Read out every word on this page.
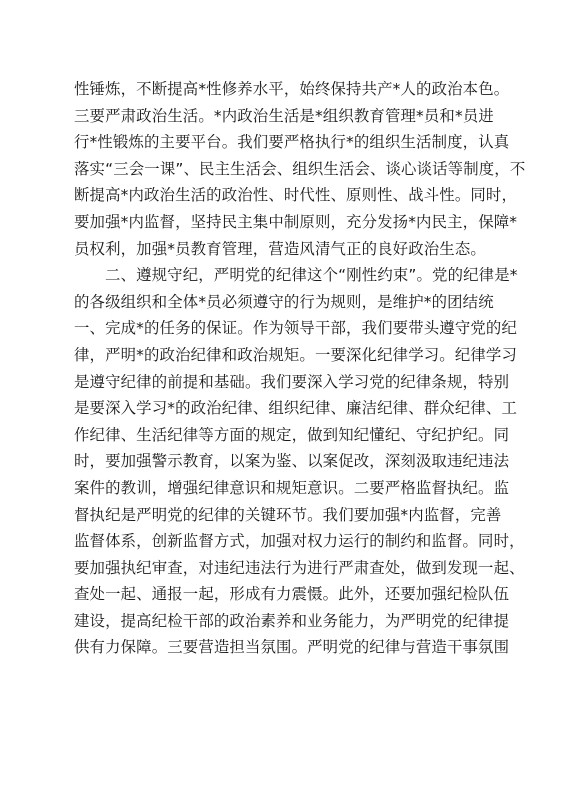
性锤炼，不断提高*性修养水平，始终保持共产*人的政治本色。
三要严肃政治生活。*内政治生活是*组织教育管理*员和*员进
行*性锻炼的主要平台。我们要严格执行*的组织生活制度，认真
落实“三会一课”、民主生活会、组织生活会、谈心谈话等制度，不
断提高*内政治生活的政治性、时代性、原则性、战斗性。同时，
要加强*内监督，坚持民主集中制原则，充分发扬*内民主，保障*
员权利，加强*员教育管理，营造风清气正的良好政治生态。
二、遵规守纪，严明党的纪律这个“刚性约束”。党的纪律是*
的各级组织和全体*员必须遵守的行为规则，是维护*的团结统
一、完成*的任务的保证。作为领导干部，我们要带头遵守党的纪
律，严明*的政治纪律和政治规矩。一要深化纪律学习。纪律学习
是遵守纪律的前提和基础。我们要深入学习党的纪律条规，特别
是要深入学习*的政治纪律、组织纪律、廉洁纪律、群众纪律、工
作纪律、生活纪律等方面的规定，做到知纪懂纪、守纪护纪。同
时，要加强警示教育，以案为鉴、以案促改，深刻汲取违纪违法
案件的教训，增强纪律意识和规矩意识。二要严格监督执纪。监
督执纪是严明党的纪律的关键环节。我们要加强*内监督，完善
监督体系，创新监督方式，加强对权力运行的制约和监督。同时，
要加强执纪审查，对违纪违法行为进行严肃查处，做到发现一起、
查处一起、通报一起，形成有力震慑。此外，还要加强纪检队伍
建设，提高纪检干部的政治素养和业务能力，为严明党的纪律提
供有力保障。三要营造担当氛围。严明党的纪律与营造干事氛围
